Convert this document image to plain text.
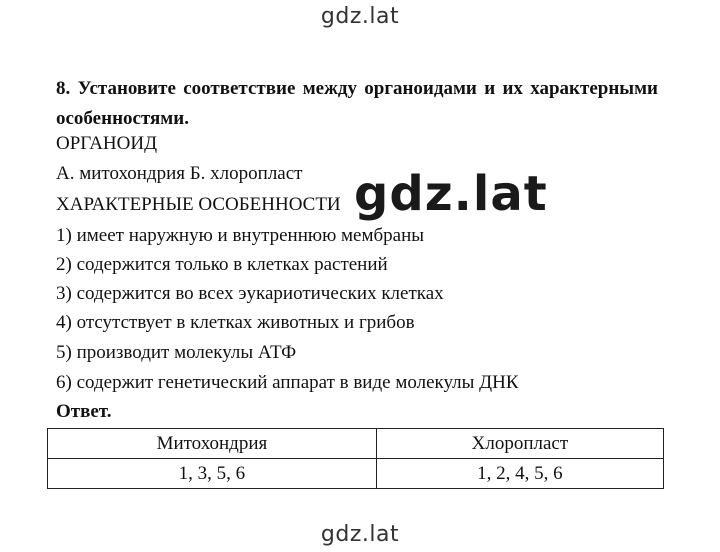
gdz.lat
8. Установите соответствие между органоидами и их характерными особенностями.
ОРГАНОИД
А. митохондрия Б. хлоропласт
ХАРАКТЕРНЫЕ ОСОБЕННОСТИ
1) имеет наружную и внутреннюю мембраны
2) содержится только в клетках растений
3) содержится во всех эукариотических клетках
4) отсутствует в клетках животных и грибов
5) производит молекулы АТФ
6) содержит генетический аппарат в виде молекулы ДНК
Ответ.
Митохондрия	Хлоропласт
1, 3, 5, 6	1, 2, 4, 5, 6
gdz.lat
gdz.lat
